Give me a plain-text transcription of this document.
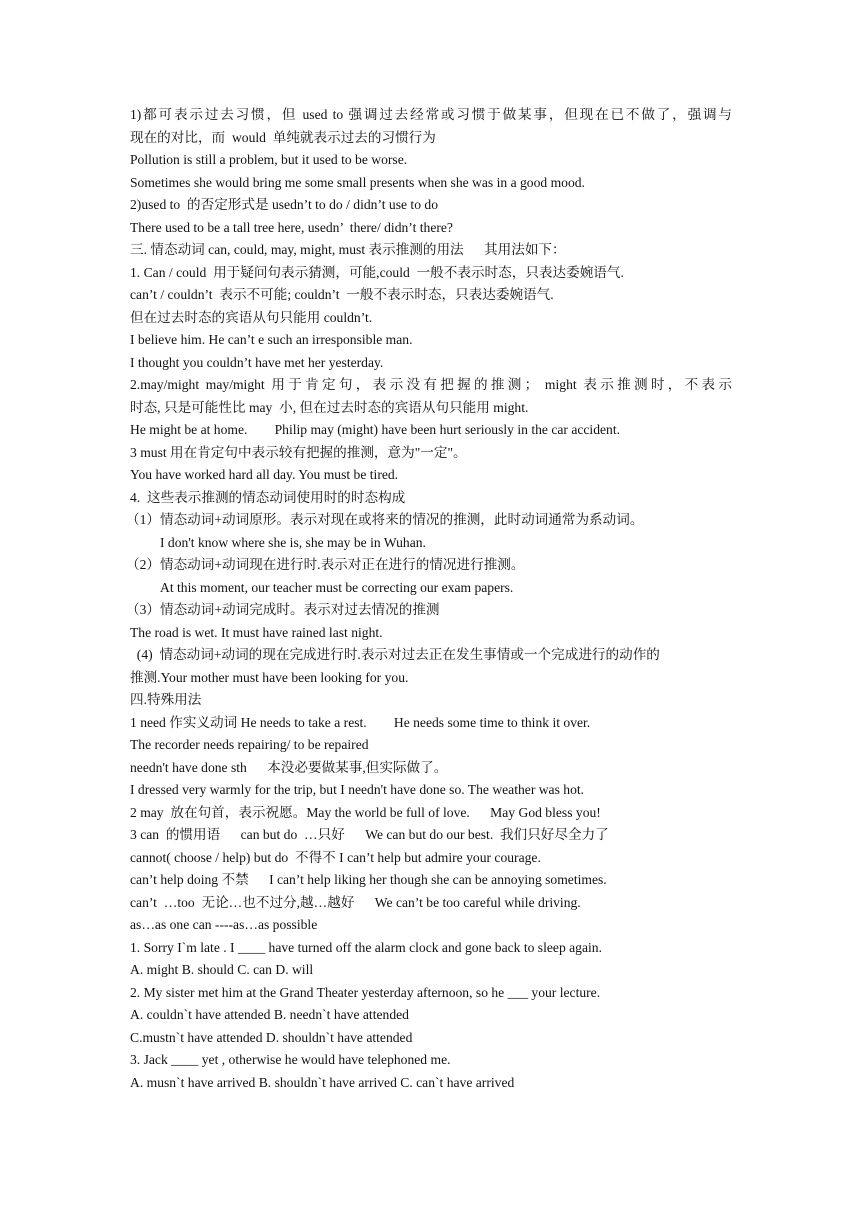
1)都可表示过去习惯，但 used to 强调过去经常或习惯于做某事，但现在已不做了，强调与
现在的对比，而  would  单纯就表示过去的习惯行为
Pollution is still a problem, but it used to be worse.
Sometimes she would bring me some small presents when she was in a good mood.
2)used to  的否定形式是 usedn’t to do / didn’t use to do
There used to be a tall tree here, usedn’  there/ didn’t there?
三. 情态动词 can, could, may, might, must 表示推测的用法      其用法如下：
1. Can / could  用于疑问句表示猜测，可能,could  一般不表示时态，只表达委婉语气.
can’t / couldn’t  表示不可能; couldn’t  一般不表示时态，只表达委婉语气.
但在过去时态的宾语从句只能用 couldn’t.
I believe him. He can’t e such an irresponsible man.
I thought you couldn’t have met her yesterday.
2.may/might may/might 用于肯定句，表示没有把握的推测； might 表示推测时，不表示
时态, 只是可能性比 may  小, 但在过去时态的宾语从句只能用 might.
He might be at home.        Philip may (might) have been hurt seriously in the car accident.
3 must 用在肯定句中表示较有把握的推测，意为"一定"。
You have worked hard all day. You must be tired.
4.  这些表示推测的情态动词使用时的时态构成
（1）情态动词+动词原形。表示对现在或将来的情况的推测，此时动词通常为系动词。
I don't know where she is, she may be in Wuhan.
（2）情态动词+动词现在进行时.表示对正在进行的情况进行推测。
At this moment, our teacher must be correcting our exam papers.
（3）情态动词+动词完成时。表示对过去情况的推测
The road is wet. It must have rained last night.
(4)  情态动词+动词的现在完成进行时.表示对过去正在发生事情或一个完成进行的动作的
推测.Your mother must have been looking for you.
四.特殊用法
1 need 作实义动词 He needs to take a rest.        He needs some time to think it over.
The recorder needs repairing/ to be repaired
needn't have done sth      本没必要做某事,但实际做了。
I dressed very warmly for the trip, but I needn't have done so. The weather was hot.
2 may  放在句首，表示祝愿。May the world be full of love.      May God bless you!
3 can  的惯用语      can but do  …只好      We can but do our best.  我们只好尽全力了
cannot( choose / help) but do  不得不 I can’t help but admire your courage.
can’t help doing 不禁      I can’t help liking her though she can be annoying sometimes.
can’t  …too  无论…也不过分,越…越好      We can’t be too careful while driving.
as…as one can ----as…as possible
1. Sorry I`m late . I ____ have turned off the alarm clock and gone back to sleep again.
A. might B. should C. can D. will
2. My sister met him at the Grand Theater yesterday afternoon, so he ___ your lecture.
A. couldn`t have attended B. needn`t have attended
C.mustn`t have attended D. shouldn`t have attended
3. Jack ____ yet , otherwise he would have telephoned me.
A. musn`t have arrived B. shouldn`t have arrived C. can`t have arrived
